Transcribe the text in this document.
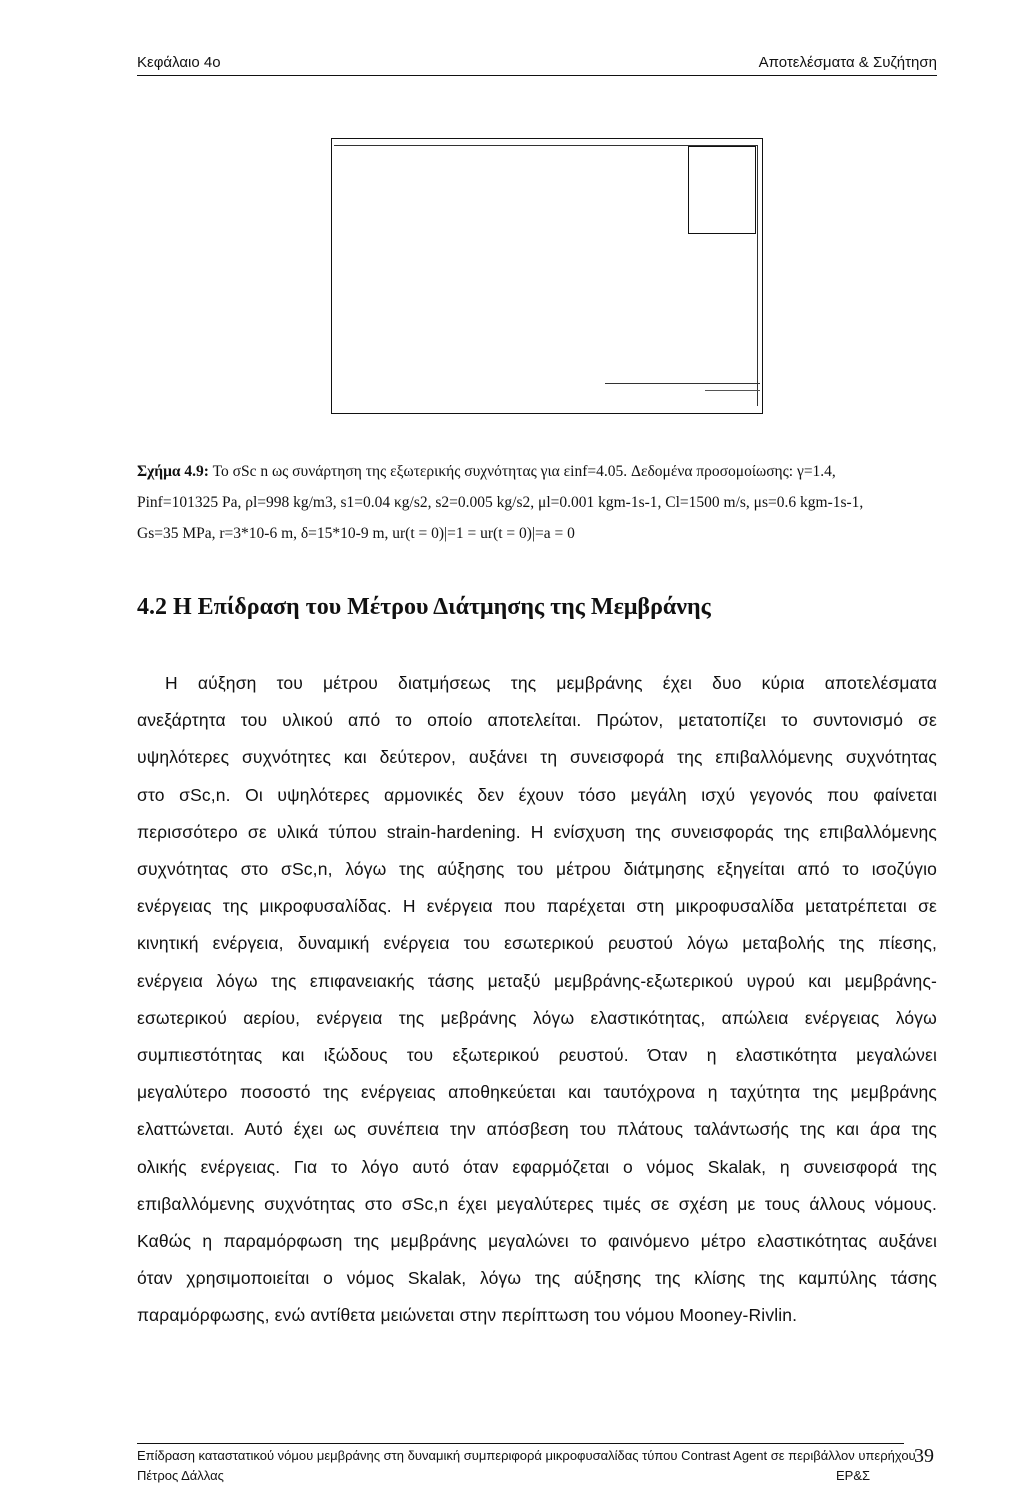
Κεφάλαιο 4ο	Αποτελέσματα & Συζήτηση
Σχήμα 4.9: Το σSc n ως συνάρτηση της εξωτερικής συχνότητας για εinf=4.05. Δεδομένα προσομοίωσης: γ=1.4,
Pinf=101325 Pa, ρl=998 kg/m3, s1=0.04 κg/s2, s2=0.005 kg/s2, μl=0.001 kgm-1s-1, Cl=1500 m/s, μs=0.6 kgm-1s-1,
Gs=35 MPa, r=3*10-6 m, δ=15*10-9 m, ur(t = 0)|=1 = ur(t = 0)|=a = 0
4.2 Η Επίδραση του Μέτρου Διάτμησης της Μεμβράνης
Η αύξηση του μέτρου διατμήσεως της μεμβράνης έχει δυο κύρια αποτελέσματα
ανεξάρτητα του υλικού από το οποίο αποτελείται. Πρώτον, μετατοπίζει το συντονισμό σε
υψηλότερες συχνότητες και δεύτερον, αυξάνει τη συνεισφορά της επιβαλλόμενης συχνότητας
στο σSc,n. Οι υψηλότερες αρμονικές δεν έχουν τόσο μεγάλη ισχύ γεγονός που φαίνεται
περισσότερο σε υλικά τύπου strain-hardening. Η ενίσχυση της συνεισφοράς της επιβαλλόμενης
συχνότητας στο σSc,n, λόγω της αύξησης του μέτρου διάτμησης εξηγείται από το ισοζύγιο
ενέργειας της μικροφυσαλίδας. Η ενέργεια που παρέχεται στη μικροφυσαλίδα μετατρέπεται σε
κινητική ενέργεια, δυναμική ενέργεια του εσωτερικού ρευστού λόγω μεταβολής της πίεσης,
ενέργεια λόγω της επιφανειακής τάσης μεταξύ μεμβράνης-εξωτερικού υγρού και μεμβράνης-
εσωτερικού αερίου, ενέργεια της μεβράνης λόγω ελαστικότητας, απώλεια ενέργειας λόγω
συμπιεστότητας και ιξώδους του εξωτερικού ρευστού. Όταν η ελαστικότητα μεγαλώνει
μεγαλύτερο ποσοστό της ενέργειας αποθηκεύεται και ταυτόχρονα η ταχύτητα της μεμβράνης
ελαττώνεται. Αυτό έχει ως συνέπεια την απόσβεση του πλάτους ταλάντωσής της και άρα της
ολικής ενέργειας. Για το λόγο αυτό όταν εφαρμόζεται ο νόμος Skalak, η συνεισφορά της
επιβαλλόμενης συχνότητας στο σSc,n έχει μεγαλύτερες τιμές σε σχέση με τους άλλους νόμους.
Καθώς η παραμόρφωση της μεμβράνης μεγαλώνει το φαινόμενο μέτρο ελαστικότητας αυξάνει
όταν χρησιμοποιείται ο νόμος Skalak, λόγω της αύξησης της κλίσης της καμπύλης τάσης
παραμόρφωσης, ενώ αντίθετα μειώνεται στην περίπτωση του νόμου Mooney-Rivlin.
Επίδραση καταστατικού νόμου μεμβράνης στη δυναμική συμπεριφορά μικροφυσαλίδας τύπου Contrast Agent σε περιβάλλον υπερήχου
Πέτρος Δάλλας	ΕΡ&Σ
39
